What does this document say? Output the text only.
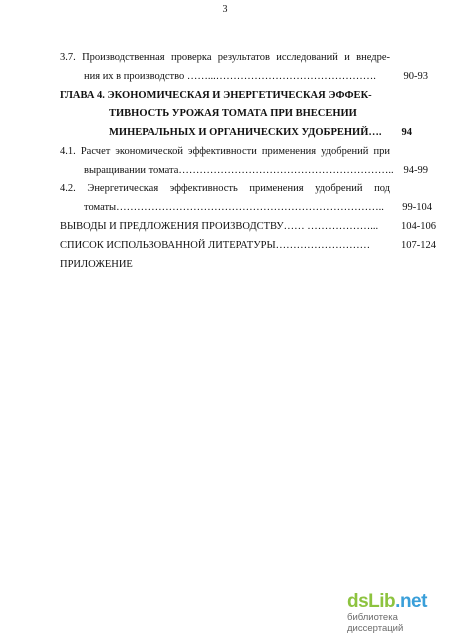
3
3.7. Производственная проверка результатов исследований и внедре-
ния их в производство ……...……………………………………….	90-93
ГЛАВА 4. ЭКОНОМИЧЕСКАЯ И ЭНЕРГЕТИЧЕСКАЯ ЭФФЕК-
ТИВНОСТЬ УРОЖАЯ ТОМАТА ПРИ ВНЕСЕНИИ
МИНЕРАЛЬНЫХ И ОРГАНИЧЕСКИХ УДОБРЕНИЙ….	94
4.1. Расчет экономической эффективности применения удобрений при
выращивании томата…………………………………………………….. 94-99
4.2. Энергетическая эффективность применения удобрений под
томаты…………………………………………………………………..	99-104
ВЫВОДЫ И ПРЕДЛОЖЕНИЯ ПРОИЗВОДСТВУ…… ………………...	104-106
СПИСОК ИСПОЛЬЗОВАННОЙ ЛИТЕРАТУРЫ………………………	107-124
ПРИЛОЖЕНИЕ
dsLib.net
библиотека диссертаций
